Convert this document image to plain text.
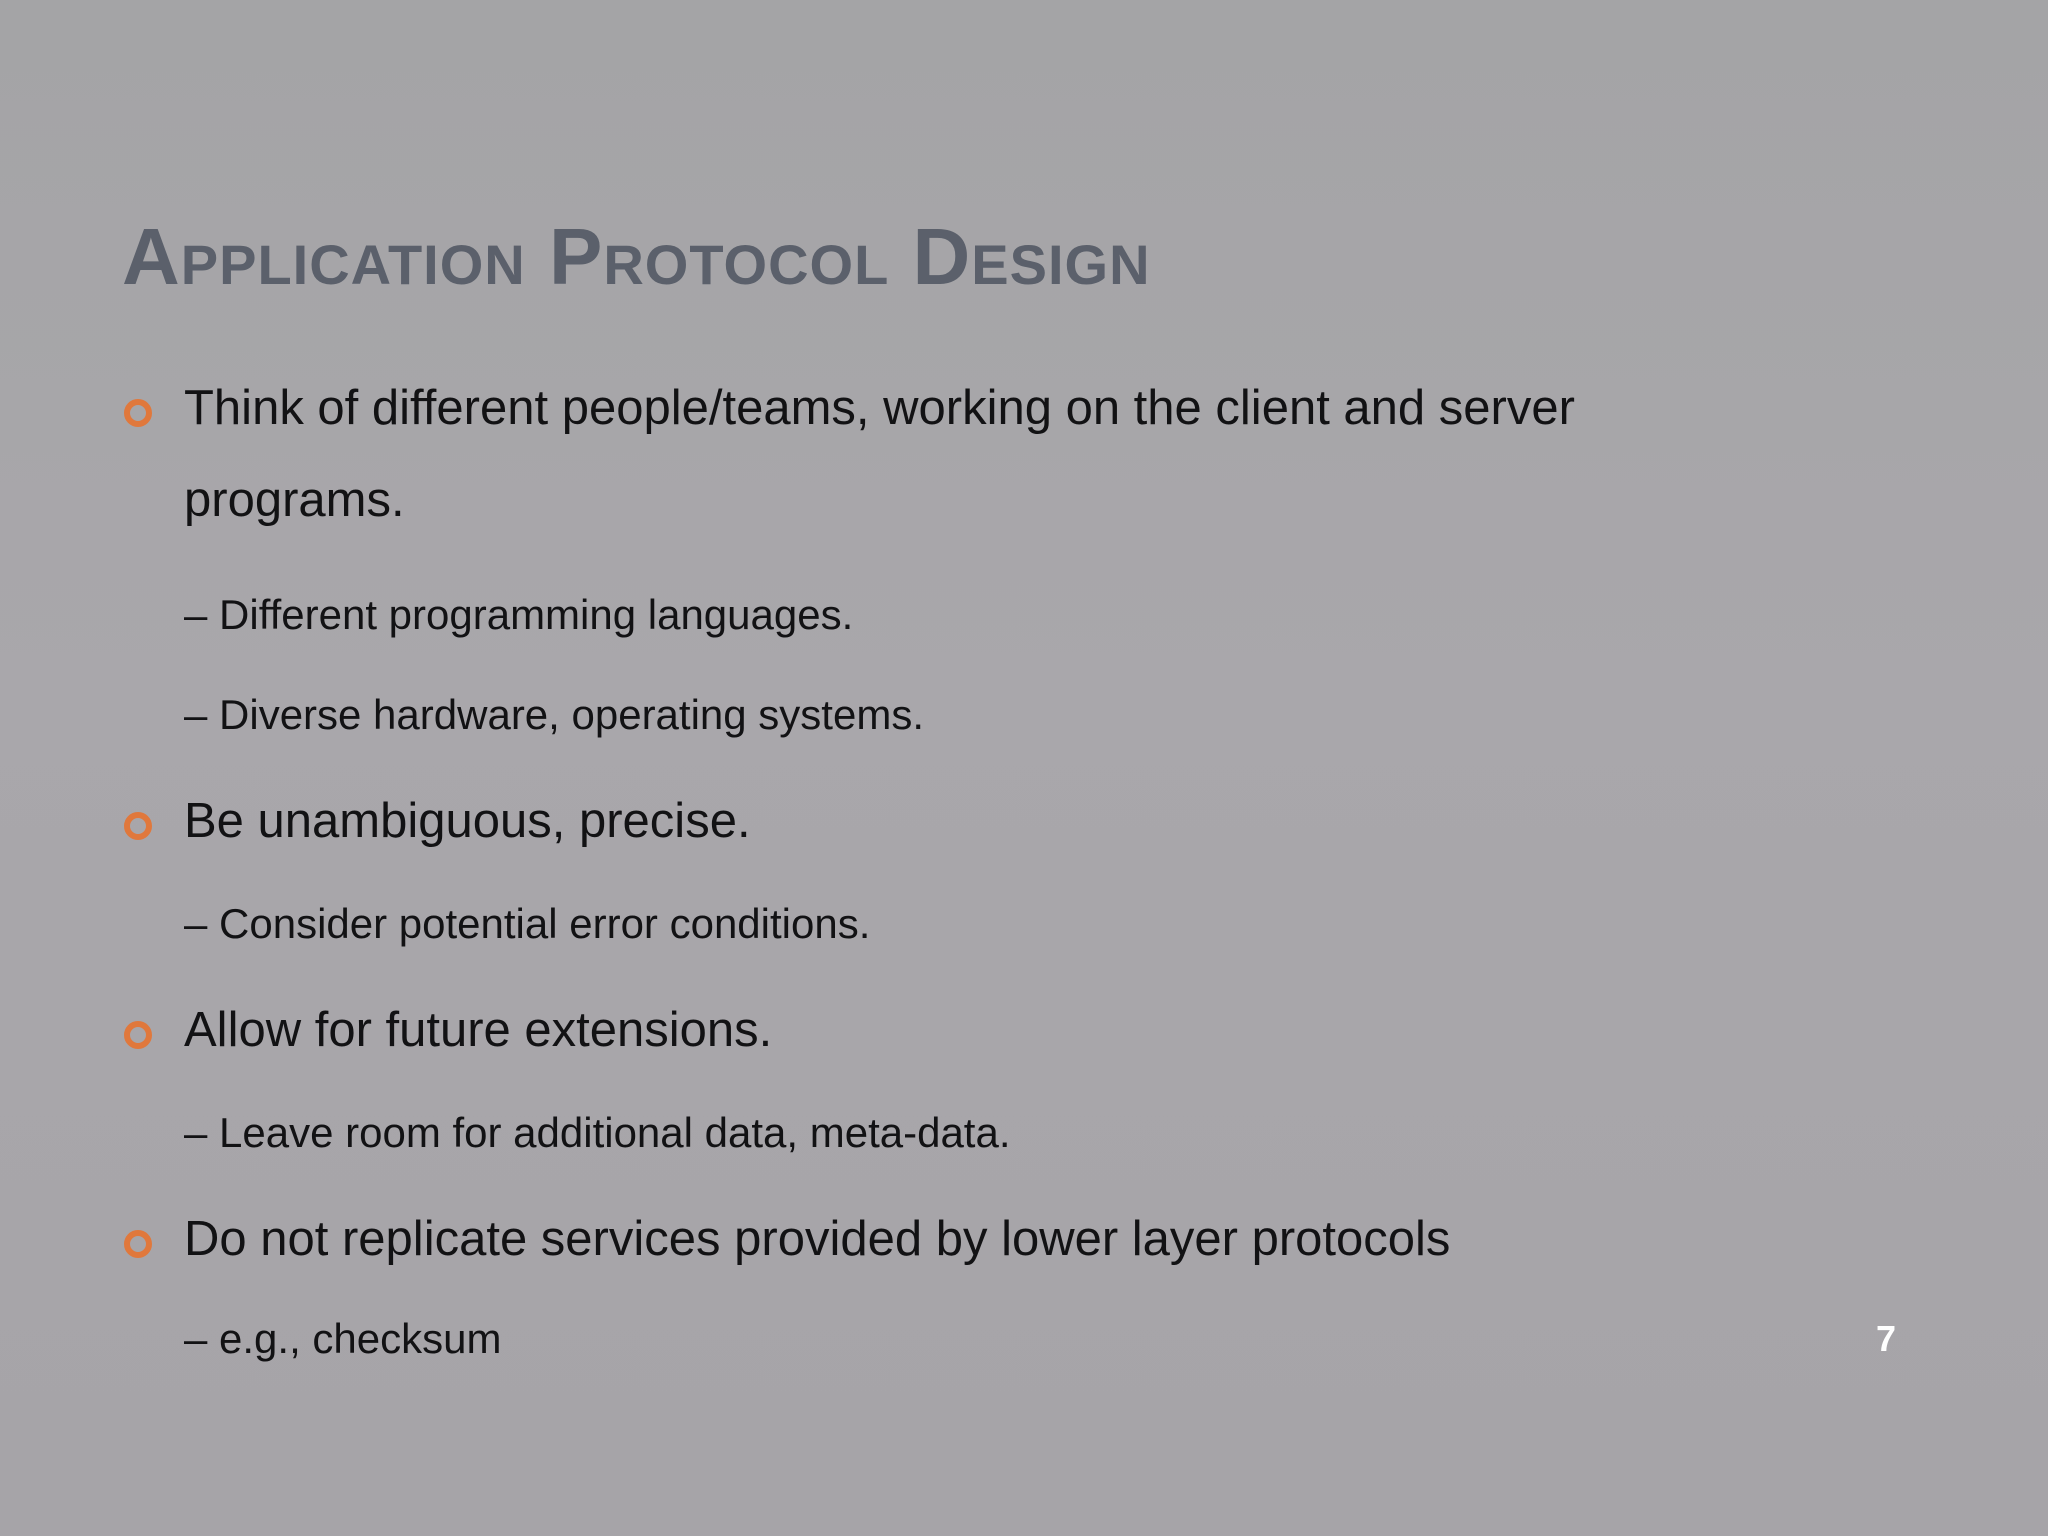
Application Protocol Design
Think of different people/teams, working on the client and server
programs.
– Different programming languages.
– Diverse hardware, operating systems.
Be unambiguous, precise.
– Consider potential error conditions.
Allow for future extensions.
– Leave room for additional data, meta-data.
Do not replicate services provided by lower layer protocols
– e.g., checksum	7
